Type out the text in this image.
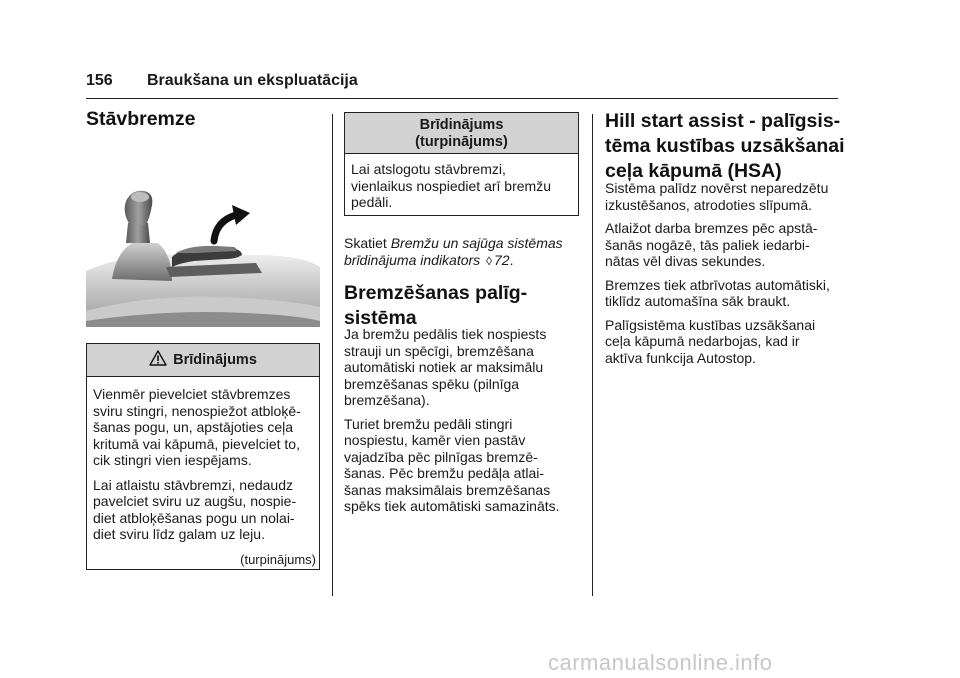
156 Braukšana un ekspluatācija
Stāvbremze
Brīdinājums

Vienmēr pievelciet stāvbremzes
sviru stingri, nenospiežot atbloķē-
šanas pogu, un, apstājoties ceļa
kritumā vai kāpumā, pievelciet to,
cik stingri vien iespējams.

Lai atlaistu stāvbremzi, nedaudz
pavelciet sviru uz augšu, nospie-
diet atbloķēšanas pogu un nolai-
diet sviru līdz galam uz leju.

(turpinājums)
Brīdinājums
(turpinājums)
Lai atslogotu stāvbremzi,
vienlaikus nospiediet arī bremžu
pedāli.
Skatiet Bremžu un sajūga sistēmas
brīdinājuma indikators ◊ 72.
Bremzēšanas palīg-
sistēma

Ja bremžu pedālis tiek nospiests
strauji un spēcīgi, bremzēšana
automātiski notiek ar maksimālu
bremzēšanas spēku (pilnīga
bremzēšana).

Turiet bremžu pedāli stingri
nospiestu, kamēr vien pastāv
vajadzība pēc pilnīgas bremzē-
šanas. Pēc bremžu pedāļa atlai-
šanas maksimālais bremzēšanas
spēks tiek automātiski samazināts.

Hill start assist - palīgsis-
tēma kustības uzsākšanai
ceļa kāpumā (HSA)

Sistēma palīdz novērst neparedzētu
izkustēšanos, atrodoties slīpumā.

Atlaižot darba bremzes pēc apstā-
šanās nogāzē, tās paliek iedarbi-
nātas vēl divas sekundes.

Bremzes tiek atbrīvotas automātiski,
tiklīdz automašīna sāk braukt.

Palīgsistēma kustības uzsākšanai
ceļa kāpumā nedarbojas, kad ir
aktīva funkcija Autostop.

carmanualsonline.info
